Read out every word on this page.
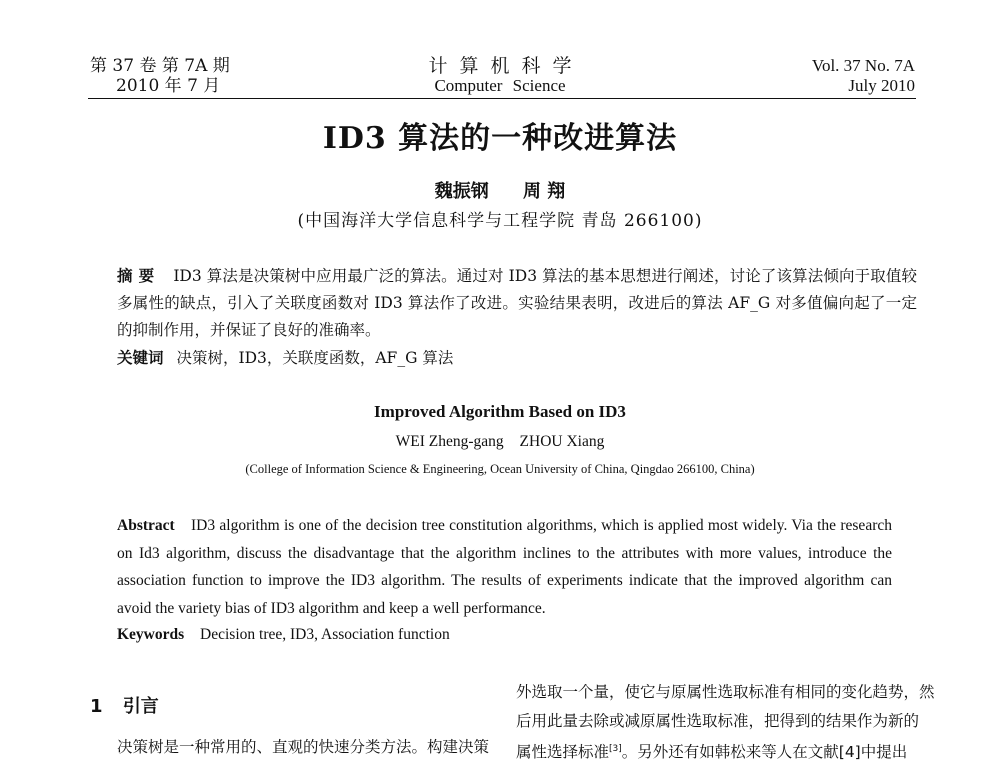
第 37 卷 第 7A 期
2010 年 7 月
计算机科学
Computer Science
Vol. 37 No. 7A
July 2010
ID3 算法的一种改进算法
魏振钢 周 翔
(中国海洋大学信息科学与工程学院 青岛 266100)
摘要 ID3 算法是决策树中应用最广泛的算法。通过对 ID3 算法的基本思想进行阐述，讨论了该算法倾向于取值较多属性的缺点，引入了关联度函数对 ID3 算法作了改进。实验结果表明，改进后的算法 AF_G 对多值偏向起了一定的抑制作用，并保证了良好的准确率。
关键词 决策树，ID3，关联度函数，AF_G 算法
Improved Algorithm Based on ID3
WEI Zheng-gang ZHOU Xiang
(College of Information Science & Engineering, Ocean University of China, Qingdao 266100, China)
Abstract ID3 algorithm is one of the decision tree constitution algorithms, which is applied most widely. Via the research on Id3 algorithm, discuss the disadvantage that the algorithm inclines to the attributes with more values, introduce the association function to improve the ID3 algorithm. The results of experiments indicate that the improved algorithm can avoid the variety bias of ID3 algorithm and keep a well performance.
Keywords Decision tree, ID3, Association function
1 引言
决策树是一种常用的、直观的快速分类方法。构建决策
外选取一个量，使它与原属性选取标准有相同的变化趋势，然
后用此量去除或减原属性选取标准，把得到的结果作为新的
属性选择标准[3]。另外还有如韩松来等人在文献[4]中提出
